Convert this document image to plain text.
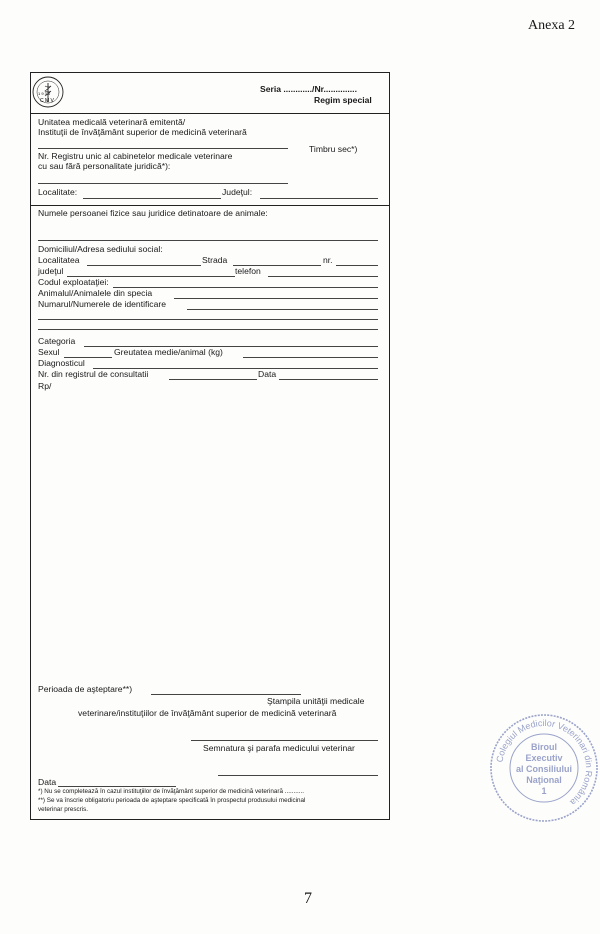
Anexa 2
1 9 3 0
C M V
Seria ............/Nr..............
Regim special
Unitatea medicală veterinară emitentă/
Instituţii de învăţământ superior de medicină veterinară
Timbru sec*)
Nr. Registru unic al cabinetelor medicale veterinare
cu sau fără personalitate juridică*):
Localitate:	Judeţul:
Numele persoanei fizice sau juridice detinatoare de animale:
Domiciliul/Adresa sediului social:
Localitatea	Strada	nr.
judeţul	telefon
Codul exploataţiei:
Animalul/Animalele din specia
Numarul/Numerele de identificare
Categoria
Sexul	Greutatea medie/animal (kg)
Diagnosticul
Nr. din registrul de consultatii	Data
Rp/
Perioada de aşteptare**)
Ştampila unităţii medicale
veterinare/instituţiilor de învăţământ superior de medicină veterinară
Semnatura şi parafa medicului veterinar
Data
*) Nu se completează în cazul instituţiilor de învăţământ superior de medicină veterinară ...........
**) Se va înscrie obligatoriu perioada de aşteptare specificată în prospectul produsului medicinal
veterinar prescris.
Colegiul Medicilor Veterinari din România
Biroul
Executiv
al Consiliului
Naţional
1
7
